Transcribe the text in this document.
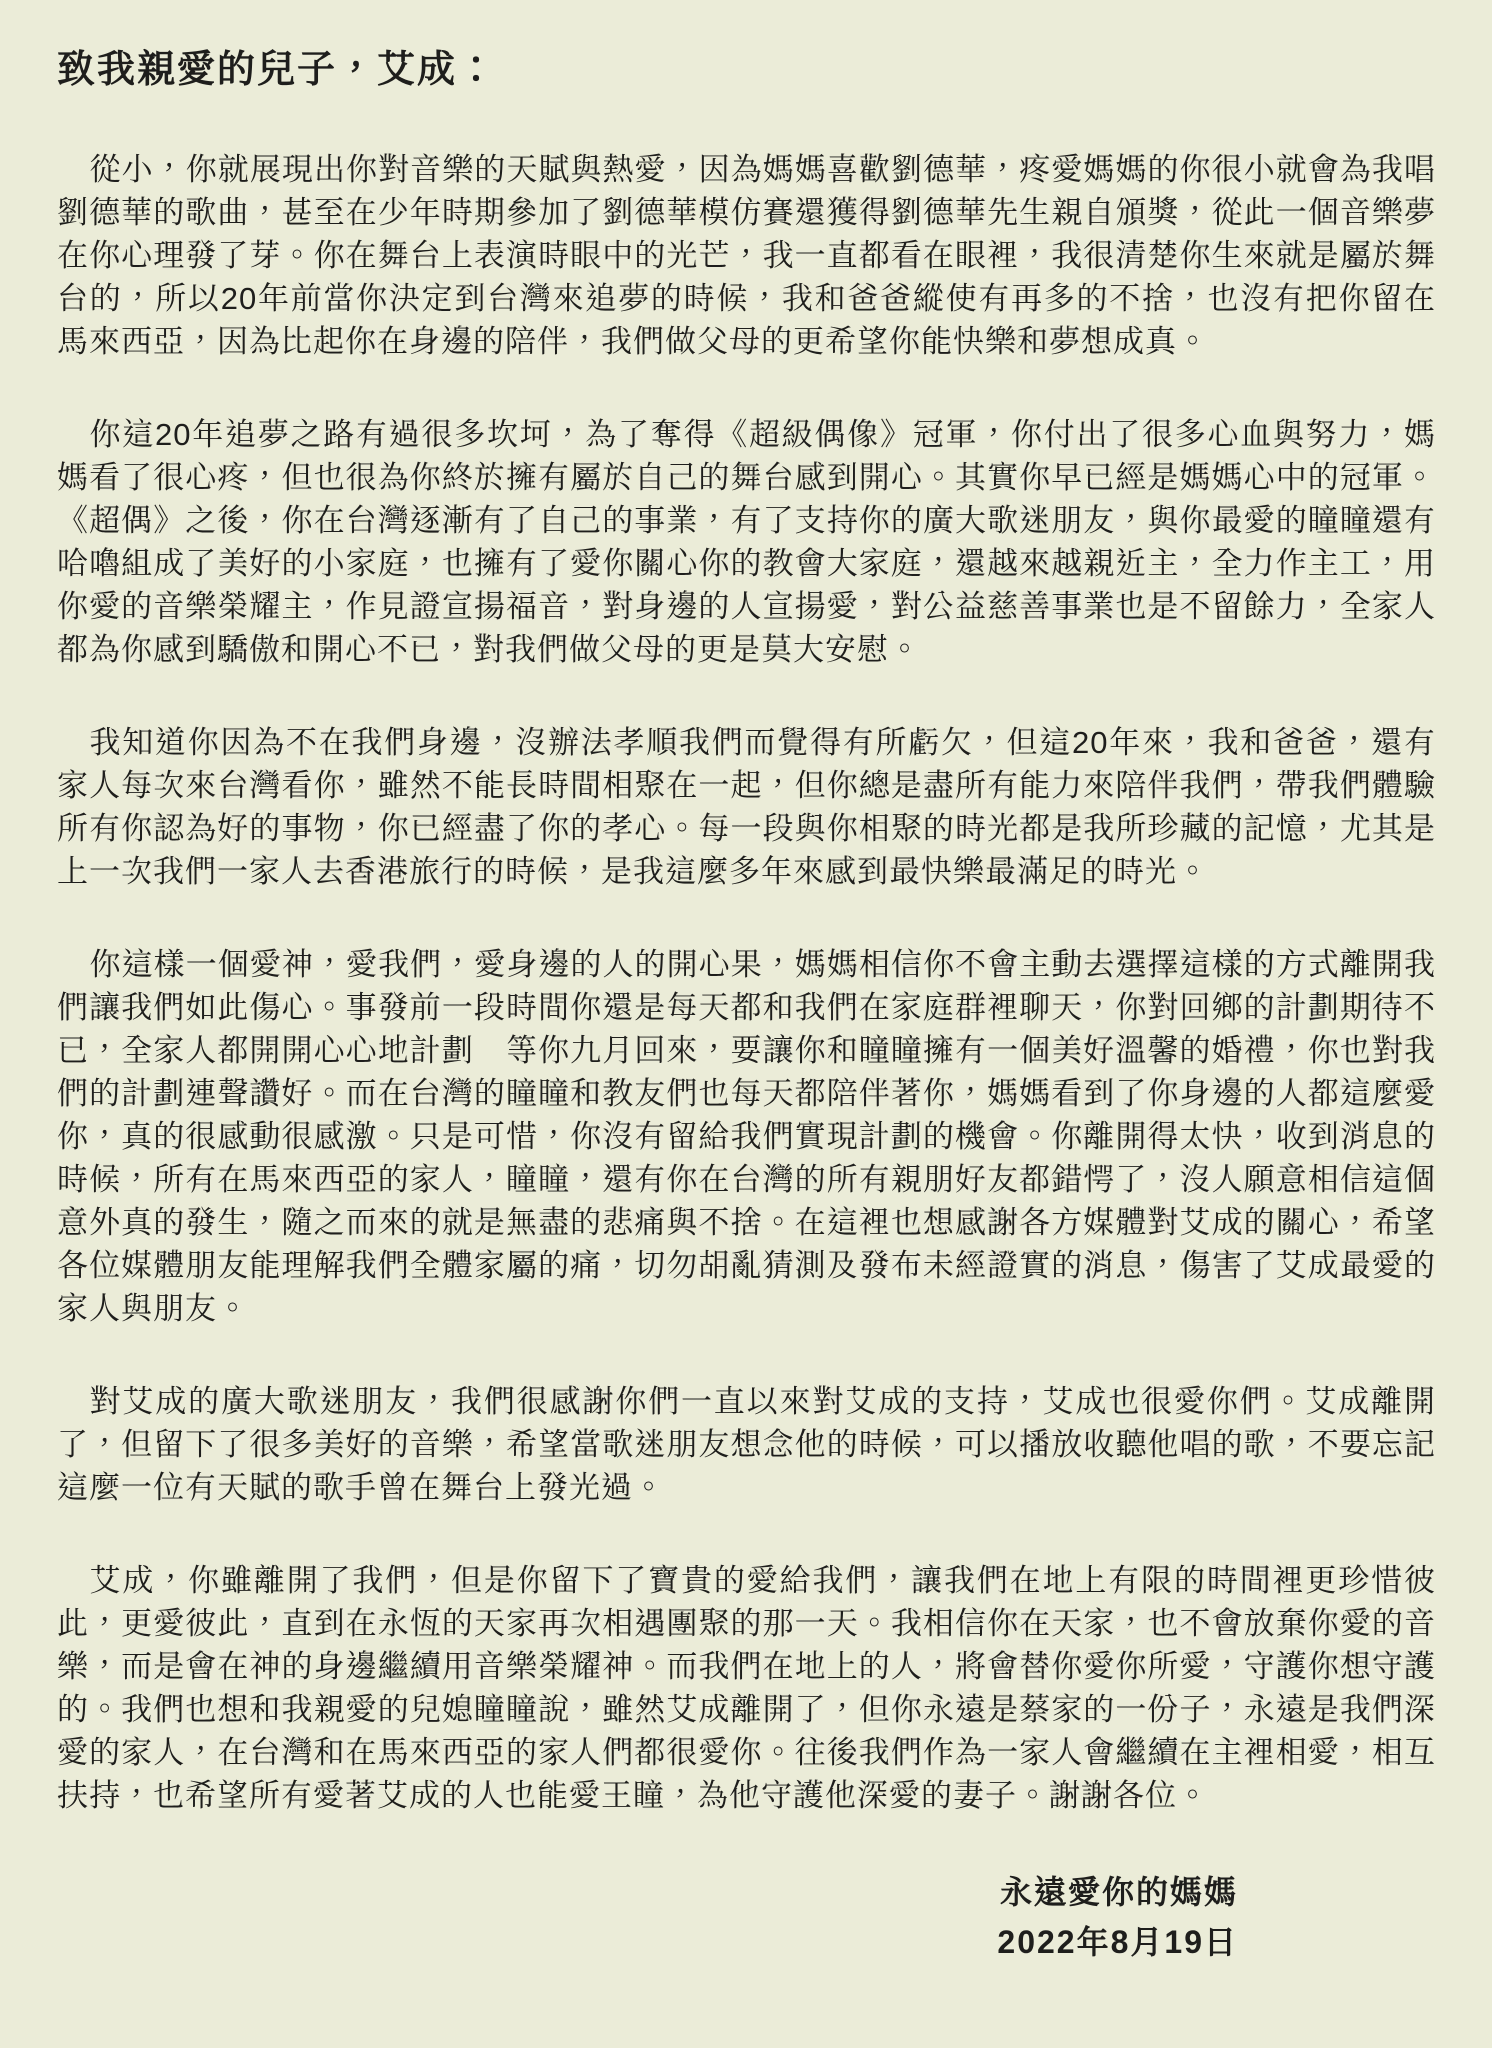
致我親愛的兒子，艾成：

從小，你就展現出你對音樂的天賦與熱愛，因為媽媽喜歡劉德華，疼愛媽媽的你很小就會為我唱劉德華的歌曲，甚至在少年時期參加了劉德華模仿賽還獲得劉德華先生親自頒獎，從此一個音樂夢在你心理發了芽。你在舞台上表演時眼中的光芒，我一直都看在眼裡，我很清楚你生來就是屬於舞台的，所以20年前當你決定到台灣來追夢的時候，我和爸爸縱使有再多的不捨，也沒有把你留在馬來西亞，因為比起你在身邊的陪伴，我們做父母的更希望你能快樂和夢想成真。

你這20年追夢之路有過很多坎坷，為了奪得《超級偶像》冠軍，你付出了很多心血與努力，媽媽看了很心疼，但也很為你終於擁有屬於自己的舞台感到開心。其實你早已經是媽媽心中的冠軍。《超偶》之後，你在台灣逐漸有了自己的事業，有了支持你的廣大歌迷朋友，與你最愛的瞳瞳還有哈嚕組成了美好的小家庭，也擁有了愛你關心你的教會大家庭，還越來越親近主，全力作主工，用你愛的音樂榮耀主，作見證宣揚福音，對身邊的人宣揚愛，對公益慈善事業也是不留餘力，全家人都為你感到驕傲和開心不已，對我們做父母的更是莫大安慰。

我知道你因為不在我們身邊，沒辦法孝順我們而覺得有所虧欠，但這20年來，我和爸爸，還有家人每次來台灣看你，雖然不能長時間相聚在一起，但你總是盡所有能力來陪伴我們，帶我們體驗所有你認為好的事物，你已經盡了你的孝心。每一段與你相聚的時光都是我所珍藏的記憶，尤其是上一次我們一家人去香港旅行的時候，是我這麼多年來感到最快樂最滿足的時光。

你這樣一個愛神，愛我們，愛身邊的人的開心果，媽媽相信你不會主動去選擇這樣的方式離開我們讓我們如此傷心。事發前一段時間你還是每天都和我們在家庭群裡聊天，你對回鄉的計劃期待不已，全家人都開開心心地計劃　等你九月回來，要讓你和瞳瞳擁有一個美好溫馨的婚禮，你也對我們的計劃連聲讚好。而在台灣的瞳瞳和教友們也每天都陪伴著你，媽媽看到了你身邊的人都這麼愛你，真的很感動很感激。只是可惜，你沒有留給我們實現計劃的機會。你離開得太快，收到消息的時候，所有在馬來西亞的家人，瞳瞳，還有你在台灣的所有親朋好友都錯愕了，沒人願意相信這個意外真的發生，隨之而來的就是無盡的悲痛與不捨。在這裡也想感謝各方媒體對艾成的關心，希望各位媒體朋友能理解我們全體家屬的痛，切勿胡亂猜測及發布未經證實的消息，傷害了艾成最愛的家人與朋友。

對艾成的廣大歌迷朋友，我們很感謝你們一直以來對艾成的支持，艾成也很愛你們。艾成離開了，但留下了很多美好的音樂，希望當歌迷朋友想念他的時候，可以播放收聽他唱的歌，不要忘記這麼一位有天賦的歌手曾在舞台上發光過。

艾成，你雖離開了我們，但是你留下了寶貴的愛給我們，讓我們在地上有限的時間裡更珍惜彼此，更愛彼此，直到在永恆的天家再次相遇團聚的那一天。我相信你在天家，也不會放棄你愛的音樂，而是會在神的身邊繼續用音樂榮耀神。而我們在地上的人，將會替你愛你所愛，守護你想守護的。我們也想和我親愛的兒媳瞳瞳說，雖然艾成離開了，但你永遠是蔡家的一份子，永遠是我們深愛的家人，在台灣和在馬來西亞的家人們都很愛你。往後我們作為一家人會繼續在主裡相愛，相互扶持，也希望所有愛著艾成的人也能愛王瞳，為他守護他深愛的妻子。謝謝各位。

永遠愛你的媽媽

2022年8月19日
